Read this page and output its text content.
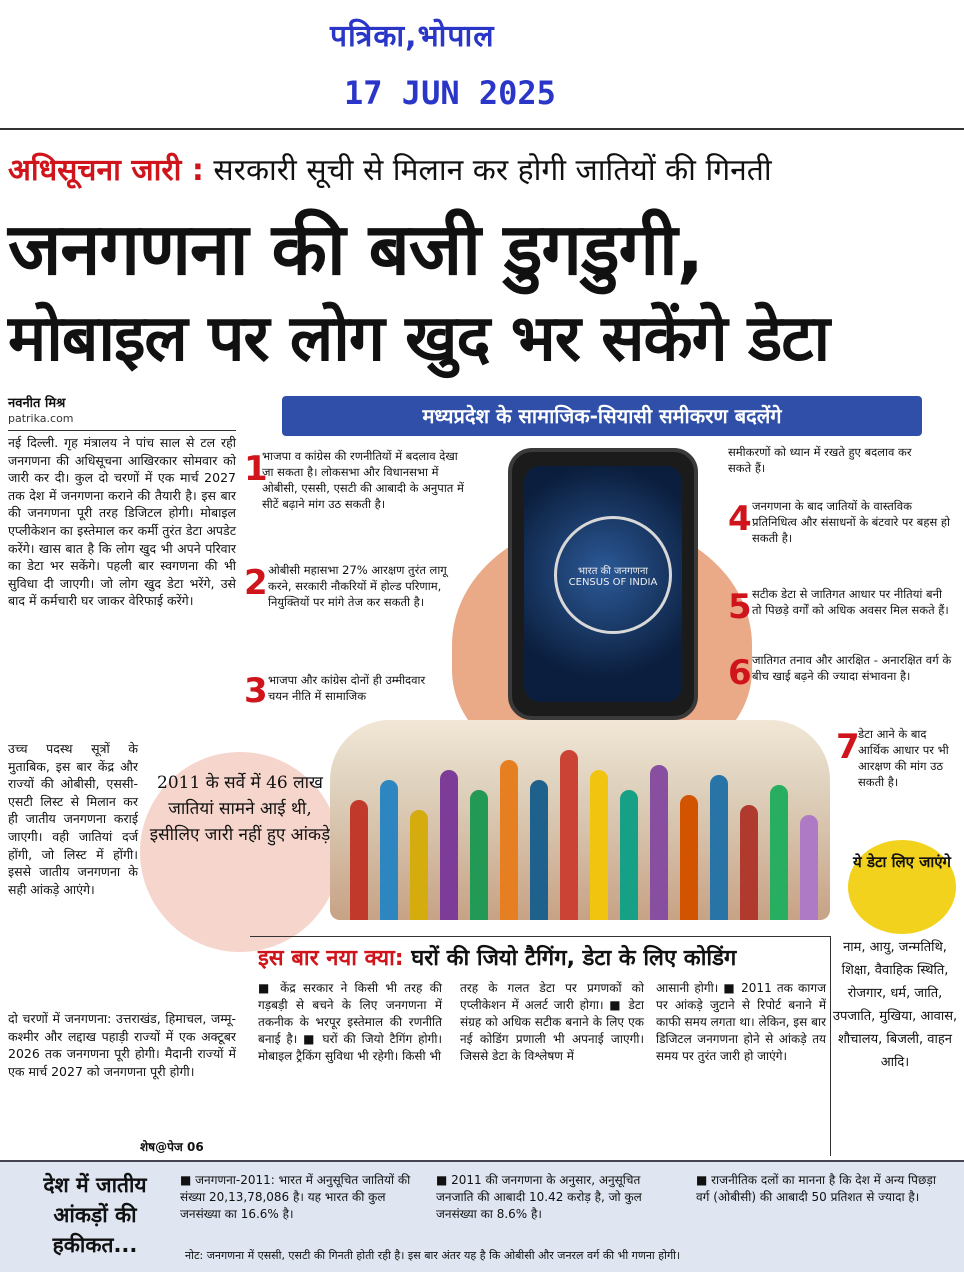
पत्रिका,भोपाल
17 JUN 2025
अधिसूचना जारी : सरकारी सूची से मिलान कर होगी जातियों की गिनती
जनगणना की बजी डुगडुगी,
मोबाइल पर लोग खुद भर सकेंगे डेटा
नवनीत मिश्र
patrika.com	मध्यप्रदेश के सामाजिक-सियासी समीकरण बदलेंगे

नई दिल्ली. गृह मंत्रालय ने पांच साल से टल रही जनगणना की अधिसूचना आखिरकार सोमवार को जारी कर दी। कुल दो चरणों में एक मार्च 2027 तक देश में जनगणना कराने की तैयारी है। इस बार की जनगणना पूरी तरह डिजिटल होगी। मोबाइल एप्लीकेशन का इस्तेमाल कर कर्मी तुरंत डेटा अपडेट करेंगे। खास बात है कि लोग खुद भी अपने परिवार का डेटा भर सकेंगे। पहली बार स्वगणना की भी सुविधा दी जाएगी। जो लोग खुद डेटा भरेंगे, उसे बाद में कर्मचारी घर जाकर वेरिफाई करेंगे।

उच्च पदस्थ सूत्रों के मुताबिक, इस बार केंद्र और राज्यों की ओबीसी, एससी-एसटी लिस्ट से मिलान कर ही जातीय जनगणना कराई जाएगी। वही जातियां दर्ज होंगी, जो लिस्ट में होंगी। इससे जातीय जनगणना के सही आंकड़े आएंगे।

दो चरणों में जनगणना: उत्तराखंड, हिमाचल, जम्मू-कश्मीर और लद्दाख पहाड़ी राज्यों में एक अक्टूबर 2026 तक जनगणना पूरी होगी। मैदानी राज्यों में एक मार्च 2027 को जनगणना पूरी होगी।

शेष@पेज 06
2011 के सर्वे में 46 लाख जातियां सामने आई थी, इसीलिए जारी नहीं हुए आंकड़े
भारत की जनगणना CENSUS OF INDIA
1
भाजपा व कांग्रेस की रणनीतियों में बदलाव देखा जा सकता है। लोकसभा और विधानसभा में ओबीसी, एससी, एसटी की आबादी के अनुपात में सीटें बढ़ाने मांग उठ सकती है।
2 ओबीसी महासभा 27% आरक्षण तुरंत लागू करने, सरकारी नौकरियों में होल्ड परिणाम, नियुक्तियों पर मांगे तेज कर सकती है।
3 भाजपा और कांग्रेस दोनों ही उम्मीदवार चयन नीति में सामाजिक
समीकरणों को ध्यान में रखते हुए बदलाव कर सकते हैं।
4 जनगणना के बाद जातियों के वास्तविक प्रतिनिधित्व और संसाधनों के बंटवारे पर बहस हो सकती है।
5 सटीक डेटा से जातिगत आधार पर नीतियां बनी तो पिछड़े वर्गों को अधिक अवसर मिल सकते हैं।
6 जातिगत तनाव और आरक्षित - अनारक्षित वर्ग के बीच खाई बढ़ने की ज्यादा संभावना है।
7
डेटा आने के बाद आर्थिक आधार पर भी आरक्षण की मांग उठ सकती है।
ये डेटा लिए जाएंगे
इस बार नया क्या: घरों की जियो टैगिंग, डेटा के लिए कोडिंग
■ केंद्र सरकार ने किसी भी तरह की गड़बड़ी से बचने के लिए जनगणना में तकनीक के भरपूर इस्तेमाल की रणनीति बनाई है। ■ घरों की जियो टैगिंग होगी। मोबाइल ट्रैकिंग सुविधा भी रहेगी। किसी भी
तरह के गलत डेटा पर प्रगणकों को एप्लीकेशन में अलर्ट जारी होगा। ■ डेटा संग्रह को अधिक सटीक बनाने के लिए एक नई कोडिंग प्रणाली भी अपनाई जाएगी। जिससे डेटा के विश्लेषण में
आसानी होगी। ■ 2011 तक कागज पर आंकड़े जुटाने से रिपोर्ट बनाने में काफी समय लगता था। लेकिन, इस बार डिजिटल जनगणना होने से आंकड़े तय समय पर तुरंत जारी हो जाएंगे।
नाम, आयु, जन्मतिथि, शिक्षा, वैवाहिक स्थिति, रोजगार, धर्म, जाति, उपजाति, मुखिया, आवास, शौचालय, बिजली, वाहन आदि।
देश में जातीय आंकड़ों की हकीकत...
■ जनगणना-2011: भारत में अनुसूचित जातियों की संख्या 20,13,78,086 है। यह भारत की कुल जनसंख्या का 16.6% है।
■ 2011 की जनगणना के अनुसार, अनुसूचित जनजाति की आबादी 10.42 करोड़ है, जो कुल जनसंख्या का 8.6% है।
■ राजनीतिक दलों का मानना है कि देश में अन्य पिछड़ा वर्ग (ओबीसी) की आबादी 50 प्रतिशत से ज्यादा है।
नोट: जनगणना में एससी, एसटी की गिनती होती रही है। इस बार अंतर यह है कि ओबीसी और जनरल वर्ग की भी गणना होगी।
